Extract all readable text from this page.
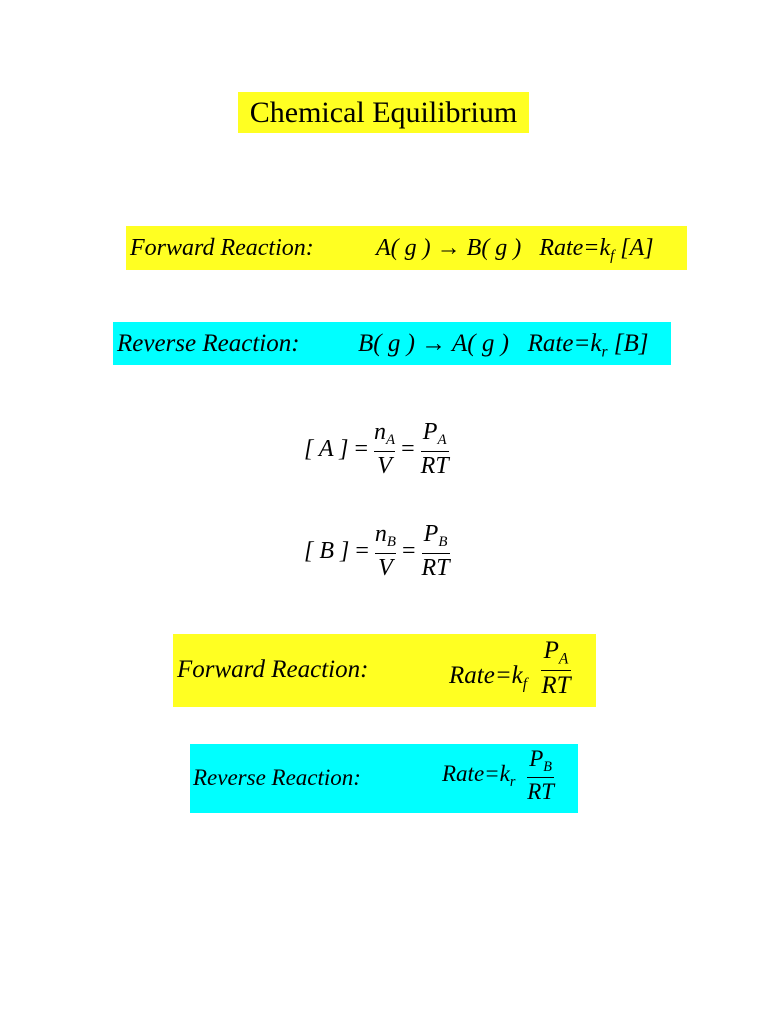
Chemical Equilibrium
Forward Reaction:	A( g ) → B( g ) $Rate=k_f$ [A]
Reverse Reaction: B( g ) → A( g ) $Rate=k_r$ [B]
[ A ] = $\frac{n_A}{V} = \frac{P_A}{RT}$
[ B ] = $\frac{n_B}{V} = \frac{P_B}{RT}$
Forward Reaction:	$Rate=k_f \frac{P_A}{RT}$
Reverse Reaction:	$Rate=k_r \frac{P_B}{RT}$
